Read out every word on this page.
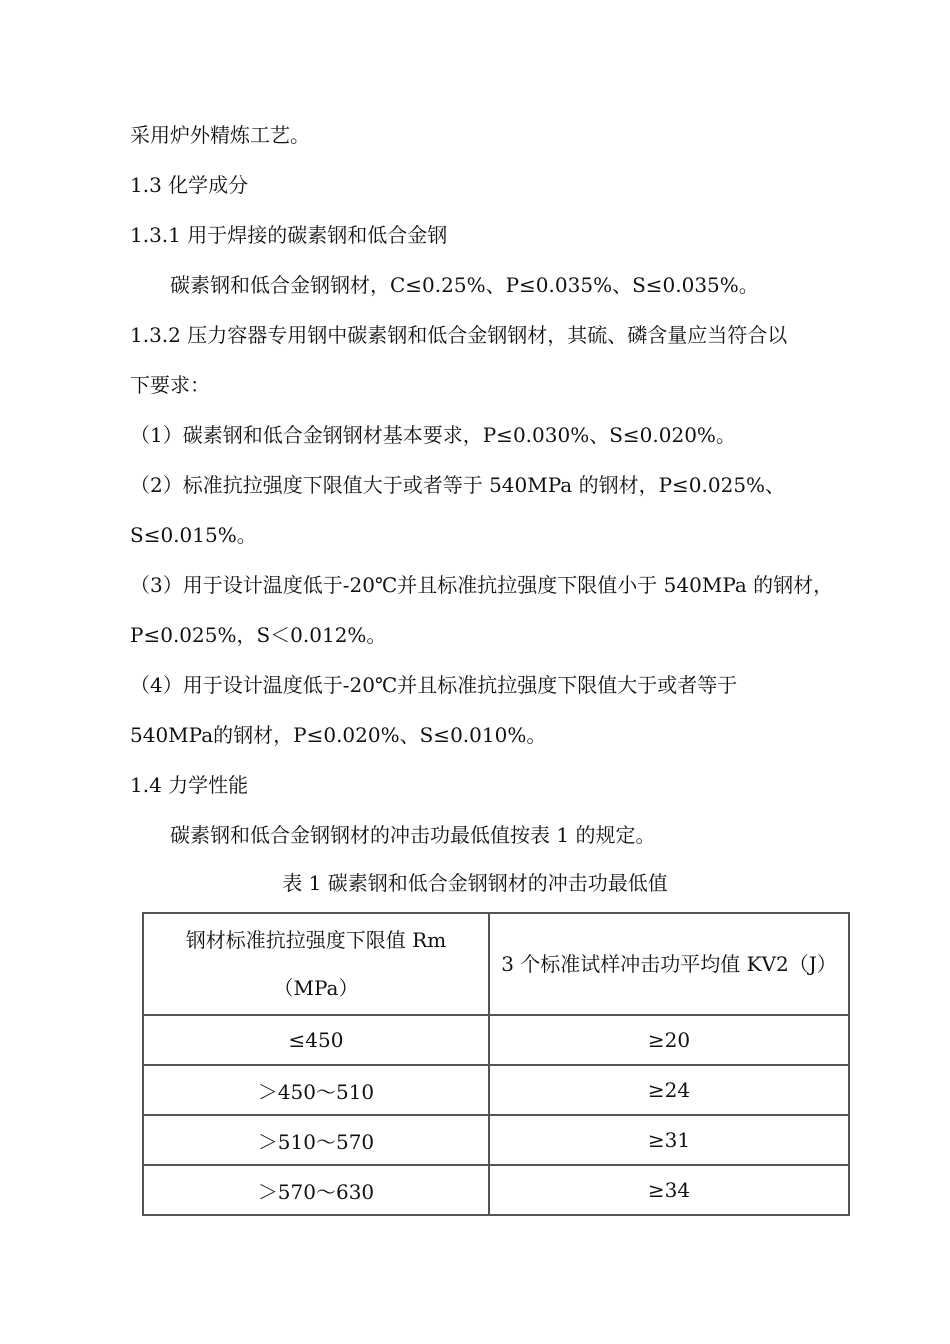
采用炉外精炼工艺。

1.3 化学成分

1.3.1 用于焊接的碳素钢和低合金钢

碳素钢和低合金钢钢材，C≤0.25%、P≤0.035%、S≤0.035%。

1.3.2 压力容器专用钢中碳素钢和低合金钢钢材，其硫、磷含量应当符合以

下要求：

（1）碳素钢和低合金钢钢材基本要求，P≤0.030%、S≤0.020%。

（2）标准抗拉强度下限值大于或者等于 540MPa 的钢材，P≤0.025%、

S≤0.015%。

（3）用于设计温度低于-20℃并且标准抗拉强度下限值小于 540MPa 的钢材，

P≤0.025%，S＜0.012%。

（4）用于设计温度低于-20℃并且标准抗拉强度下限值大于或者等于

540MPa的钢材，P≤0.020%、S≤0.010%。

1.4 力学性能

碳素钢和低合金钢钢材的冲击功最低值按表 1 的规定。

表 1 碳素钢和低合金钢钢材的冲击功最低值
钢材标准抗拉强度下限值 Rm
（MPa）	3 个标准试样冲击功平均值 KV2（J）
≤450	≥20
＞450～510	≥24
＞510～570	≥31
＞570～630	≥34
